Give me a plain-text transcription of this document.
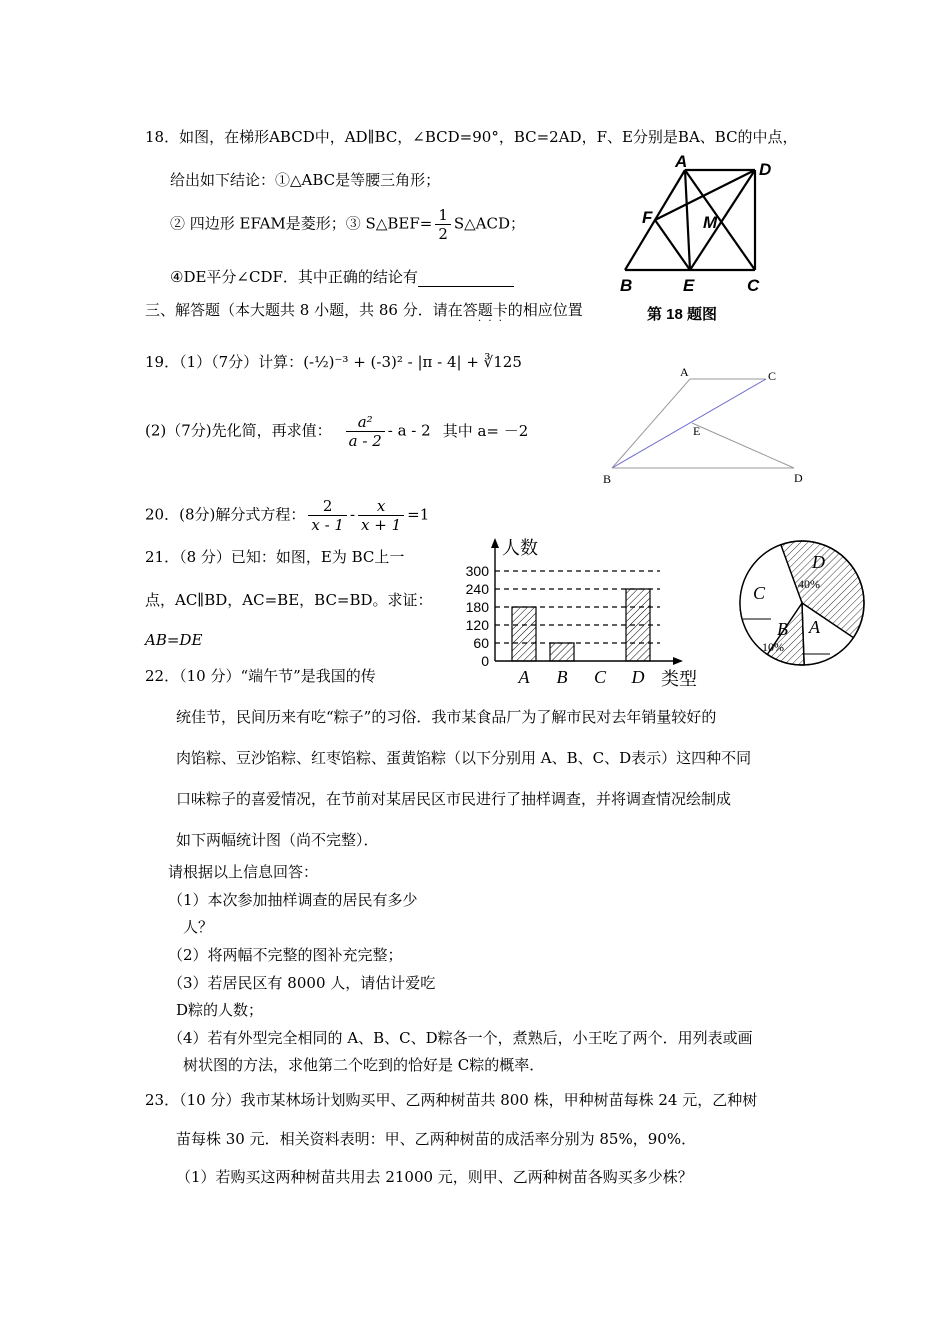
18．如图，在梯形ABCD中，AD∥BC，∠BCD=90°，BC=2AD，F、E分别是BA、BC的中点，
给出如下结论：①△ABC是等腰三角形；
② 四边形 EFAM是菱形；③ S△BEF= $\frac{1}{2}$ S△ACD；
④DE平分∠CDF．其中正确的结论有
A	D
F	M
B	E	C
第 18 题图
三、解答题（本大题共 8 小题，共 86 分．请在答题卡的相应位置
· · ·
19．（1）（7分）计算：(-½)⁻³ + (-3)² - |π - 4| + ∛125
(2)（7分)先化简，再求值： $\frac{\text{a²}}{a - 2}$ - a - 2 其中 a= －2
A	C
E
B	D
20．(8分)解分式方程： $\frac{2}{x - 1} - \frac{x}{x + 1} =1$
21．（8 分）已知：如图，E为 BC上一
点，AC∥BD，AC=BE，BC=BD。求证：
AB=DE
0
60
120
180
240
300
A B C D
人数
类型
D
40%
A
B
10%
C
22．（10 分）“端午节”是我国的传
统佳节，民间历来有吃“粽子”的习俗．我市某食品厂为了解市民对去年销量较好的
肉馅粽、豆沙馅粽、红枣馅粽、蛋黄馅粽（以下分别用 A、B、C、D表示）这四种不同
口味粽子的喜爱情况，在节前对某居民区市民进行了抽样调查，并将调查情况绘制成
如下两幅统计图（尚不完整）．
请根据以上信息回答：
（1）本次参加抽样调查的居民有多少
人？
（2）将两幅不完整的图补充完整；
（3）若居民区有 8000 人，请估计爱吃
D粽的人数；
（4）若有外型完全相同的 A、B、C、D粽各一个，煮熟后，小王吃了两个．用列表或画
树状图的方法，求他第二个吃到的恰好是 C粽的概率．
23．（10 分）我市某林场计划购买甲、乙两种树苗共 800 株，甲种树苗每株 24 元，乙种树
苗每株 30 元．相关资料表明：甲、乙两种树苗的成活率分别为 85%，90%．
（1）若购买这两种树苗共用去 21000 元，则甲、乙两种树苗各购买多少株？
